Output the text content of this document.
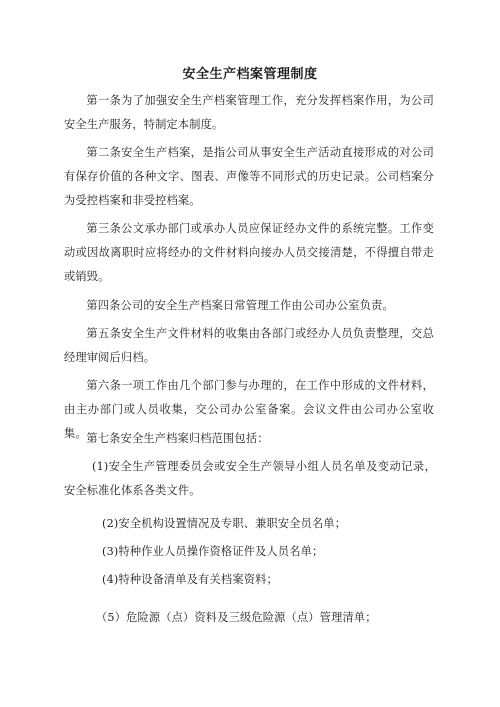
安全生产档案管理制度

第一条为了加强安全生产档案管理工作，充分发挥档案作用，为公司安全生产服务，特制定本制度。

第二条安全生产档案，是指公司从事安全生产活动直接形成的对公司有保存价值的各种文字、图表、声像等不同形式的历史记录。公司档案分为受控档案和非受控档案。

第三条公文承办部门或承办人员应保证经办文件的系统完整。工作变动或因故离职时应将经办的文件材料向接办人员交接清楚，不得擅自带走或销毁。

第四条公司的安全生产档案日常管理工作由公司办公室负责。

第五条安全生产文件材料的收集由各部门或经办人员负责整理，交总经理审阅后归档。

第六条一项工作由几个部门参与办理的，在工作中形成的文件材料，由主办部门或人员收集，交公司办公室备案。会议文件由公司办公室收集。 第七条安全生产档案归档范围包括：

(1)安全生产管理委员会或安全生产领导小组人员名单及变动记录，安全标准化体系各类文件。

(2)安全机构设置情况及专职、兼职安全员名单；

(3)特种作业人员操作资格证件及人员名单；

(4)特种设备清单及有关档案资料；

（5）危险源（点）资料及三级危险源（点）管理清单；
